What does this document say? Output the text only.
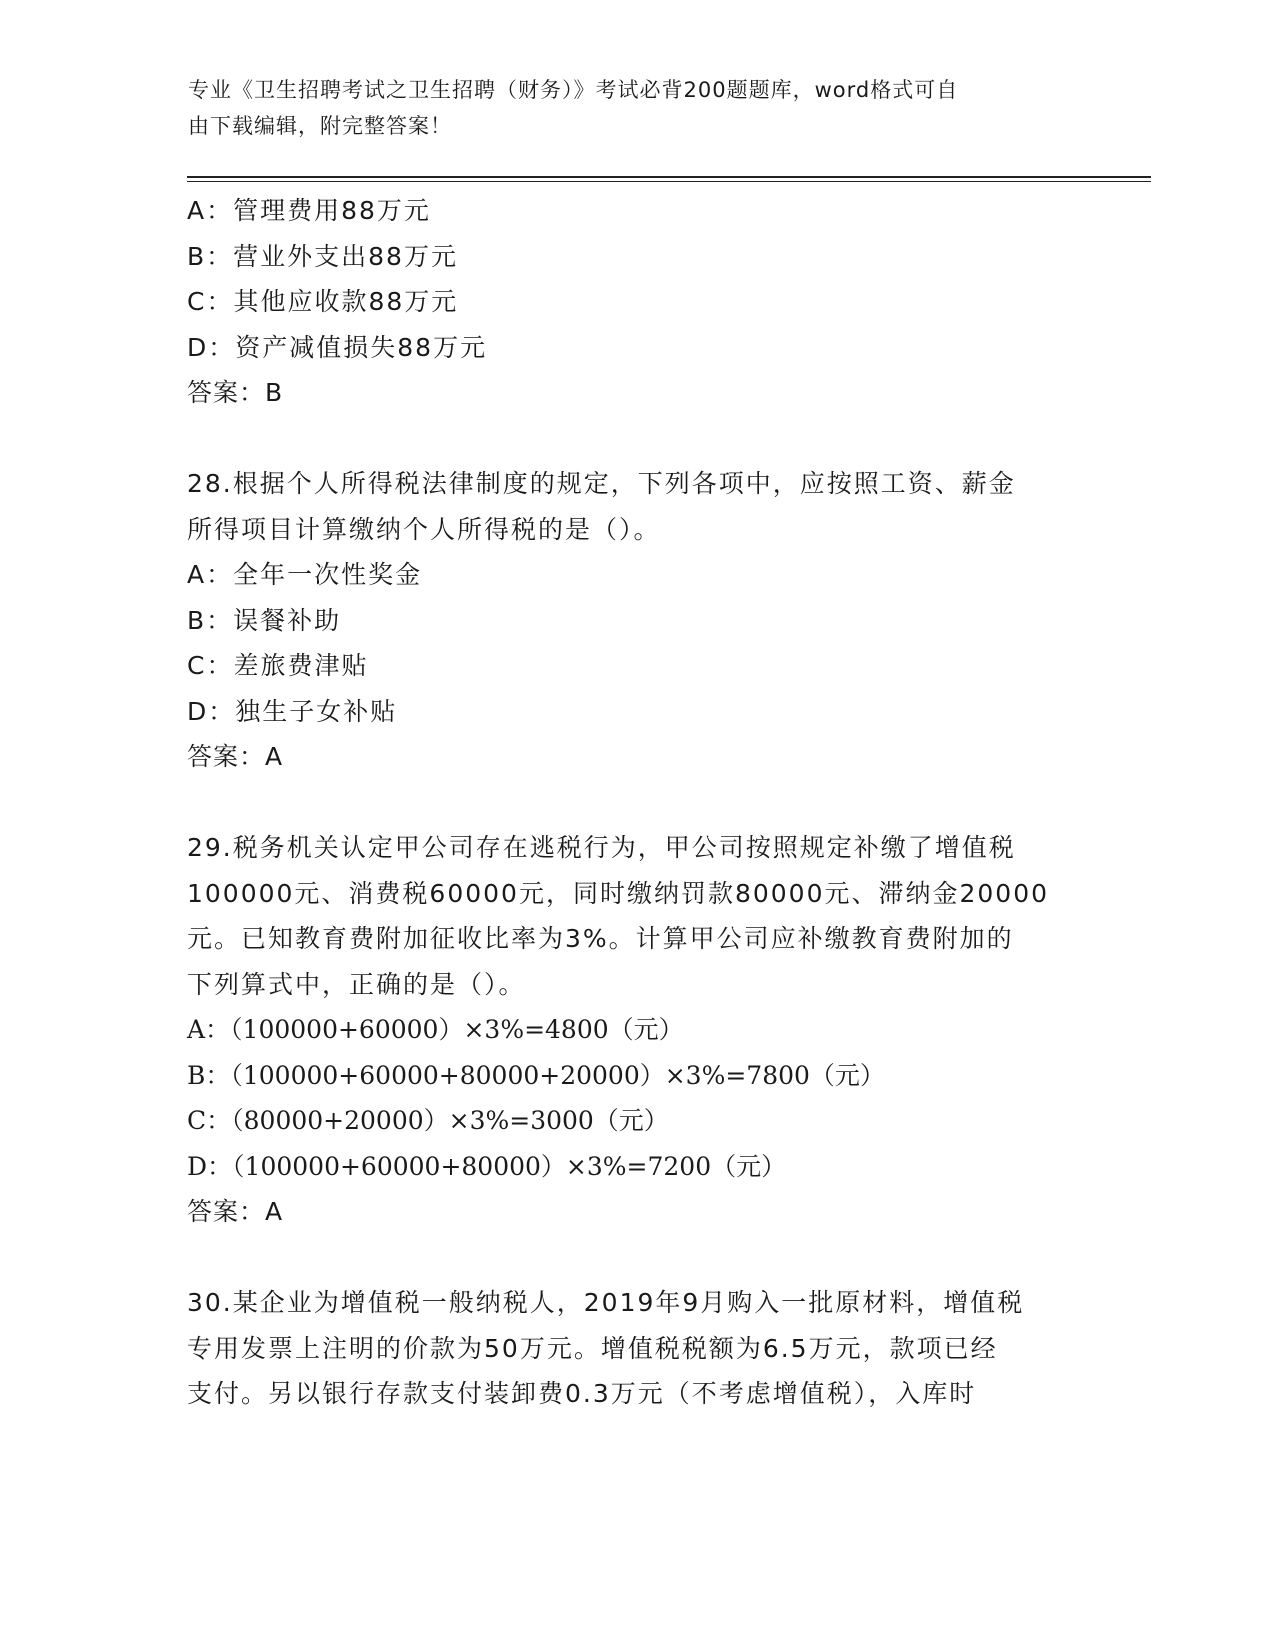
专业《卫生招聘考试之卫生招聘（财务）》考试必背200题题库，word格式可自
由下载编辑，附完整答案！
A：管理费用88万元
B：营业外支出88万元
C：其他应收款88万元
D：资产减值损失88万元
答案：B
28.根据个人所得税法律制度的规定，下列各项中，应按照工资、薪金
所得项目计算缴纳个人所得税的是（）。
A：全年一次性奖金
B：误餐补助
C：差旅费津贴
D：独生子女补贴
答案：A
29.税务机关认定甲公司存在逃税行为，甲公司按照规定补缴了增值税
100000元、消费税60000元，同时缴纳罚款80000元、滞纳金20000
元。已知教育费附加征收比率为3%。计算甲公司应补缴教育费附加的
下列算式中，正确的是（）。
A：（100000+60000）×3%=4800（元）
B：（100000+60000+80000+20000）×3%=7800（元）
C：（80000+20000）×3%=3000（元）
D：（100000+60000+80000）×3%=7200（元）
答案：A
30.某企业为增值税一般纳税人，2019年9月购入一批原材料，增值税
专用发票上注明的价款为50万元。增值税税额为6.5万元，款项已经
支付。另以银行存款支付装卸费0.3万元（不考虑增值税），入库时
